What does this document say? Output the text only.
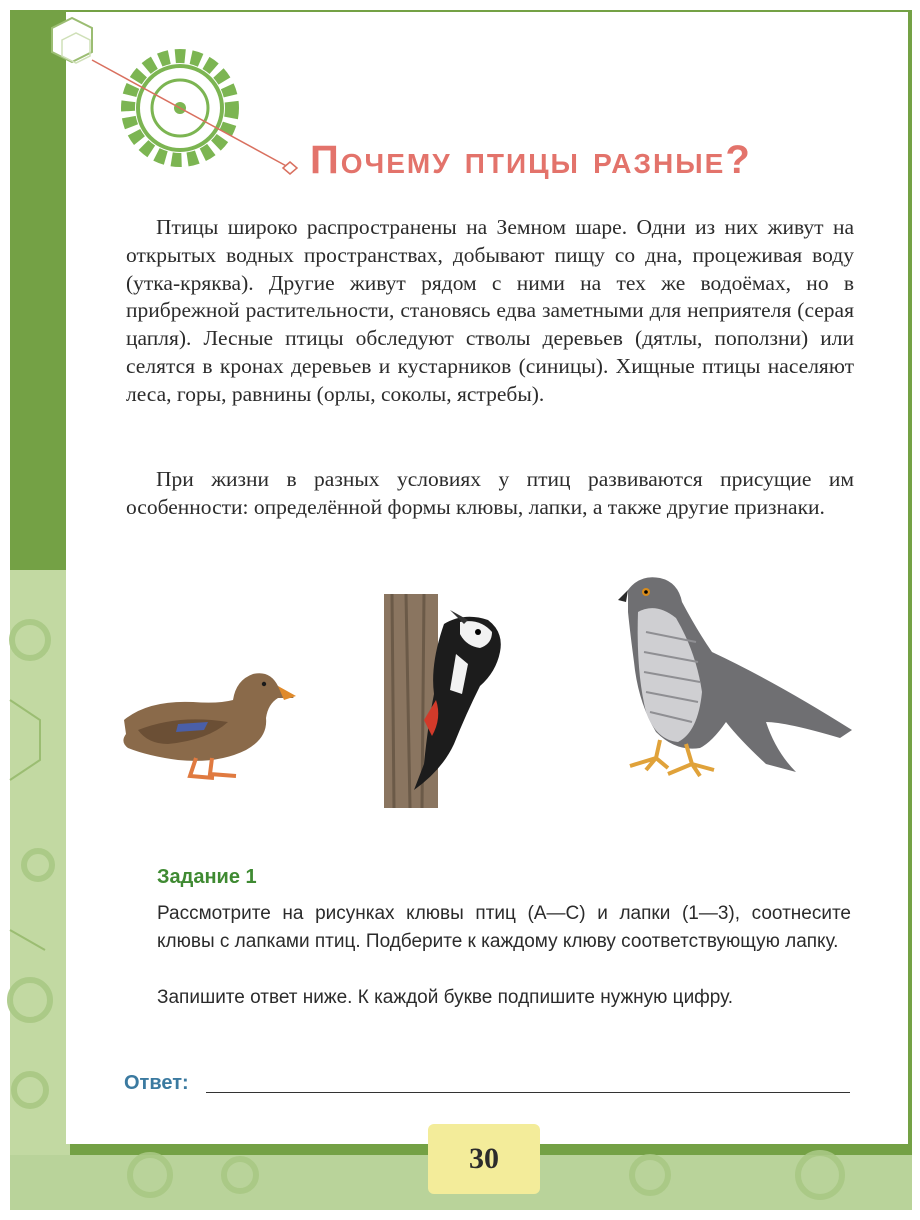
Почему птицы разные?
Птицы широко распространены на Земном шаре. Одни из них живут на открытых водных пространствах, добывают пищу со дна, процеживая воду (утка-кряква). Другие живут рядом с ними на тех же водоёмах, но в прибрежной растительности, становясь едва заметными для неприятеля (серая цапля). Лесные птицы обследуют стволы деревьев (дятлы, поползни) или селятся в кронах деревьев и кустарников (синицы). Хищные птицы населяют леса, горы, равнины (орлы, соколы, ястребы).
При жизни в разных условиях у птиц развиваются присущие им особенности: определённой формы клювы, лапки, а также другие признаки.
Задание 1
Рассмотрите на рисунках клювы птиц (A—C) и лапки (1—3), соотнесите клювы с лапками птиц. Подберите к каждому клюву соответствующую лапку.
Запишите ответ ниже. К каждой букве подпишите нужную цифру.
Ответ:
30
